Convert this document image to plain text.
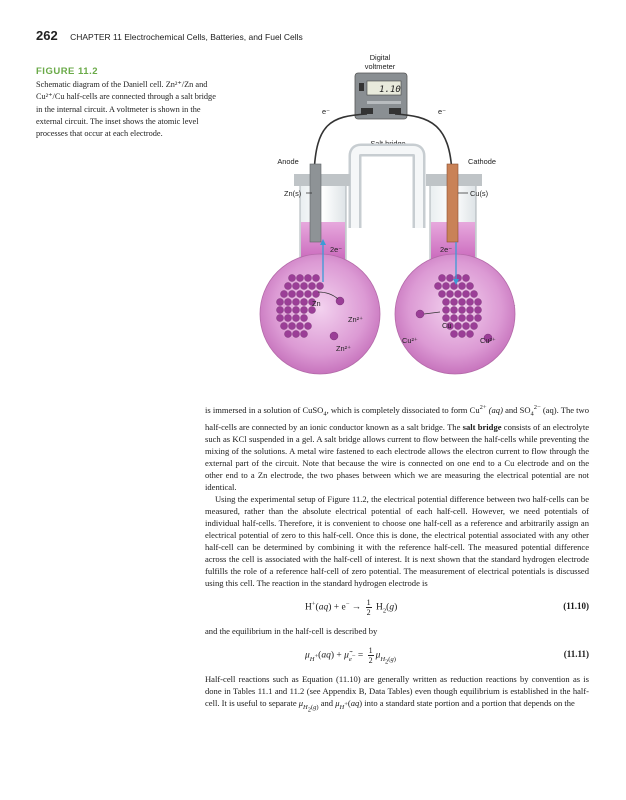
262 CHAPTER 11 Electrochemical Cells, Batteries, and Fuel Cells
FIGURE 11.2
Schematic diagram of the Daniell cell. Zn²⁺/Zn and Cu²⁺/Cu half-cells are connected through a salt bridge in the internal circuit. A voltmeter is shown in the external circuit. The inset shows the atomic level processes that occur at each electrode.
Digital
voltmeter
1.10
e⁻	e⁻
Salt bridge
Anode	Cathode
Zn(s)	Cu(s)
2e⁻
Zn
Zn²⁺
Zn²⁺
2e⁻
Cu
Cu²⁺	Cu²⁺

is immersed in a solution of CuSO$_4$, which is completely dissociated to form $Cu^{2+}$ (aq) and $SO_4^{2-}$ (aq). The two half-cells are connected by an ionic conductor known as a salt bridge. The salt bridge consists of an electrolyte such as KCl suspended in a gel. A salt bridge allows current to flow between the half-cells while preventing the mixing of the solutions. A metal wire fastened to each electrode allows the electron current to flow through the external part of the circuit. Note that because the wire is connected on one end to a Cu electrode and on the other end to a Zn electrode, the two phases between which we are measuring the electrical potential are not identical.

Using the experimental setup of Figure 11.2, the electrical potential difference between two half-cells can be measured, rather than the absolute electrical potential of each half-cell. However, we need potentials of individual half-cells. Therefore, it is convenient to choose one half-cell as a reference and arbitrarily assign an electrical potential of zero to this half-cell. Once this is done, the electrical potential associated with any other half-cell can be determined by combining it with the reference half-cell. The measured potential difference across the cell is associated with the half-cell of interest. It is next shown that the standard hydrogen electrode fulfills the role of a reference half-cell of zero potential. The measurement of electrical potentials is discussed using this cell. The reaction in the standard hydrogen electrode is

$H^+(aq) + e^- \to \frac{1}{2} H_2(g)$	(11.10)

and the equilibrium in the half-cell is described by

$\mu_{H^+}(aq)$ + $\mũ_{e^-} = \frac{1}{2} \mu_{H_2(g)}$
(11.11)

Half-cell reactions such as Equation (11.10) are generally written as reduction reactions by convention as is done in Tables 11.1 and 11.2 (see Appendix B, Data Tables) even though equilibrium is established in the half-cell. It is useful to separate $\mu_{H_2(g)}$ and $\mu_{H^+}(aq)$ into a standard state portion and a portion that depends on the
